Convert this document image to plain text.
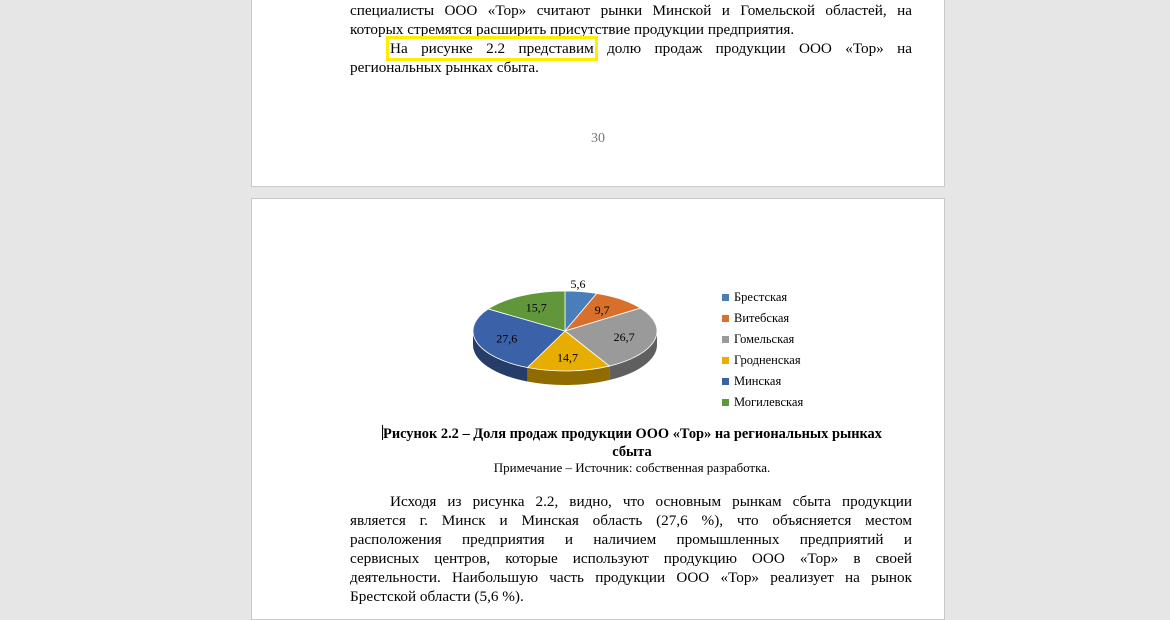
специалисты ООО «Тор» считают рынки Минской и Гомельской областей, на
которых стремятся расширить присутствие продукции предприятия.
На рисунке 2.2 представим долю продаж продукции ООО «Тор» на
региональных рынках сбыта.
30
5,6
9,7
26,7
14,7
27,6
15,7
Брестская
Витебская
Гомельская
Гродненская
Минская
Могилевская
Рисунок 2.2 – Доля продаж продукции ООО «Тор» на региональных рынках
сбыта
Примечание – Источник: собственная разработка.
Исходя из рисунка 2.2, видно, что основным рынкам сбыта продукции
является г. Минск и Минская область (27,6 %), что объясняется местом
расположения предприятия и наличием промышленных предприятий и
сервисных центров, которые используют продукцию ООО «Тор» в своей
деятельности. Наибольшую часть продукции ООО «Тор» реализует на рынок
Брестской области (5,6 %).
